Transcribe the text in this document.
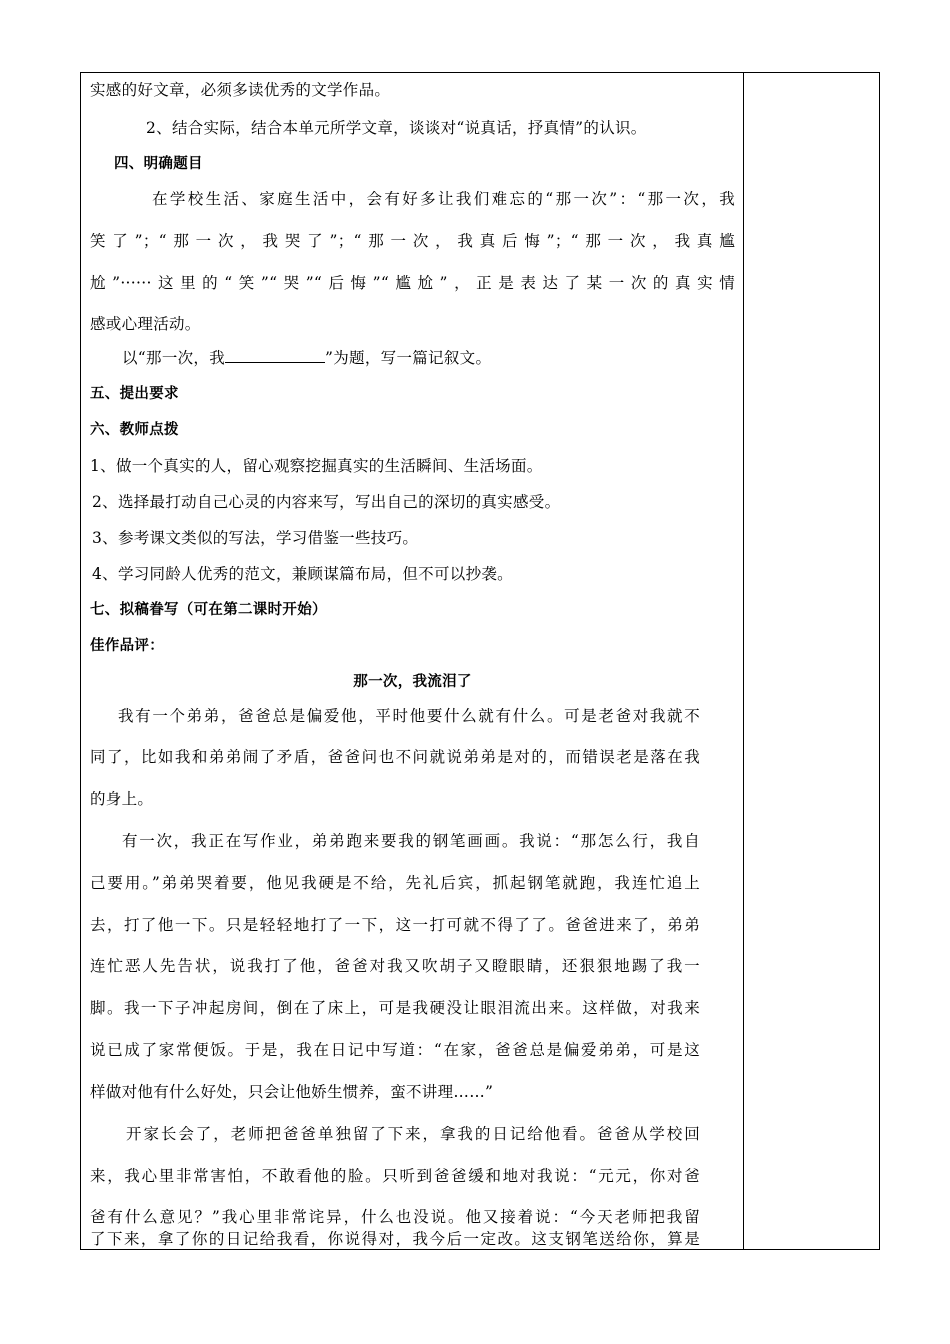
实感的好文章，必须多读优秀的文学作品。
2、结合实际，结合本单元所学文章，谈谈对“说真话，抒真情”的认识。
四、明确题目
在学校生活、家庭生活中，会有好多让我们难忘的“那一次”：“那一次，我
笑了”；“那一次，我哭了”；“那一次，我真后悔”；“那一次，我真尴
尬”······这里的“笑”“哭”“后悔”“尴尬”，正是表达了某一次的真实情
感或心理活动。
以“那一次，我	”为题，写一篇记叙文。
五、提出要求
六、教师点拨
1、做一个真实的人，留心观察挖掘真实的生活瞬间、生活场面。
2、选择最打动自己心灵的内容来写，写出自己的深切的真实感受。
3、参考课文类似的写法，学习借鉴一些技巧。
4、学习同龄人优秀的范文，兼顾谋篇布局，但不可以抄袭。
七、拟稿眷写（可在第二课时开始）
佳作品评：
那一次，我流泪了
我有一个弟弟，爸爸总是偏爱他，平时他要什么就有什么。可是老爸对我就不
同了，比如我和弟弟闹了矛盾，爸爸问也不问就说弟弟是对的，而错误老是落在我
的身上。
有一次，我正在写作业，弟弟跑来要我的钢笔画画。我说：“那怎么行，我自
己要用。”弟弟哭着要，他见我硬是不给，先礼后宾，抓起钢笔就跑，我连忙追上
去，打了他一下。只是轻轻地打了一下，这一打可就不得了了。爸爸进来了，弟弟
连忙恶人先告状，说我打了他，爸爸对我又吹胡子又瞪眼睛，还狠狠地踢了我一
脚。我一下子冲起房间，倒在了床上，可是我硬没让眼泪流出来。这样做，对我来
说已成了家常便饭。于是，我在日记中写道：“在家，爸爸总是偏爱弟弟，可是这
样做对他有什么好处，只会让他娇生惯养，蛮不讲理……”
开家长会了，老师把爸爸单独留了下来，拿我的日记给他看。爸爸从学校回
来，我心里非常害怕，不敢看他的脸。只听到爸爸缓和地对我说：“元元，你对爸
爸有什么意见？”我心里非常诧异，什么也没说。他又接着说：“今天老师把我留
了下来，拿了你的日记给我看，你说得对，我今后一定改。这支钢笔送给你，算是
